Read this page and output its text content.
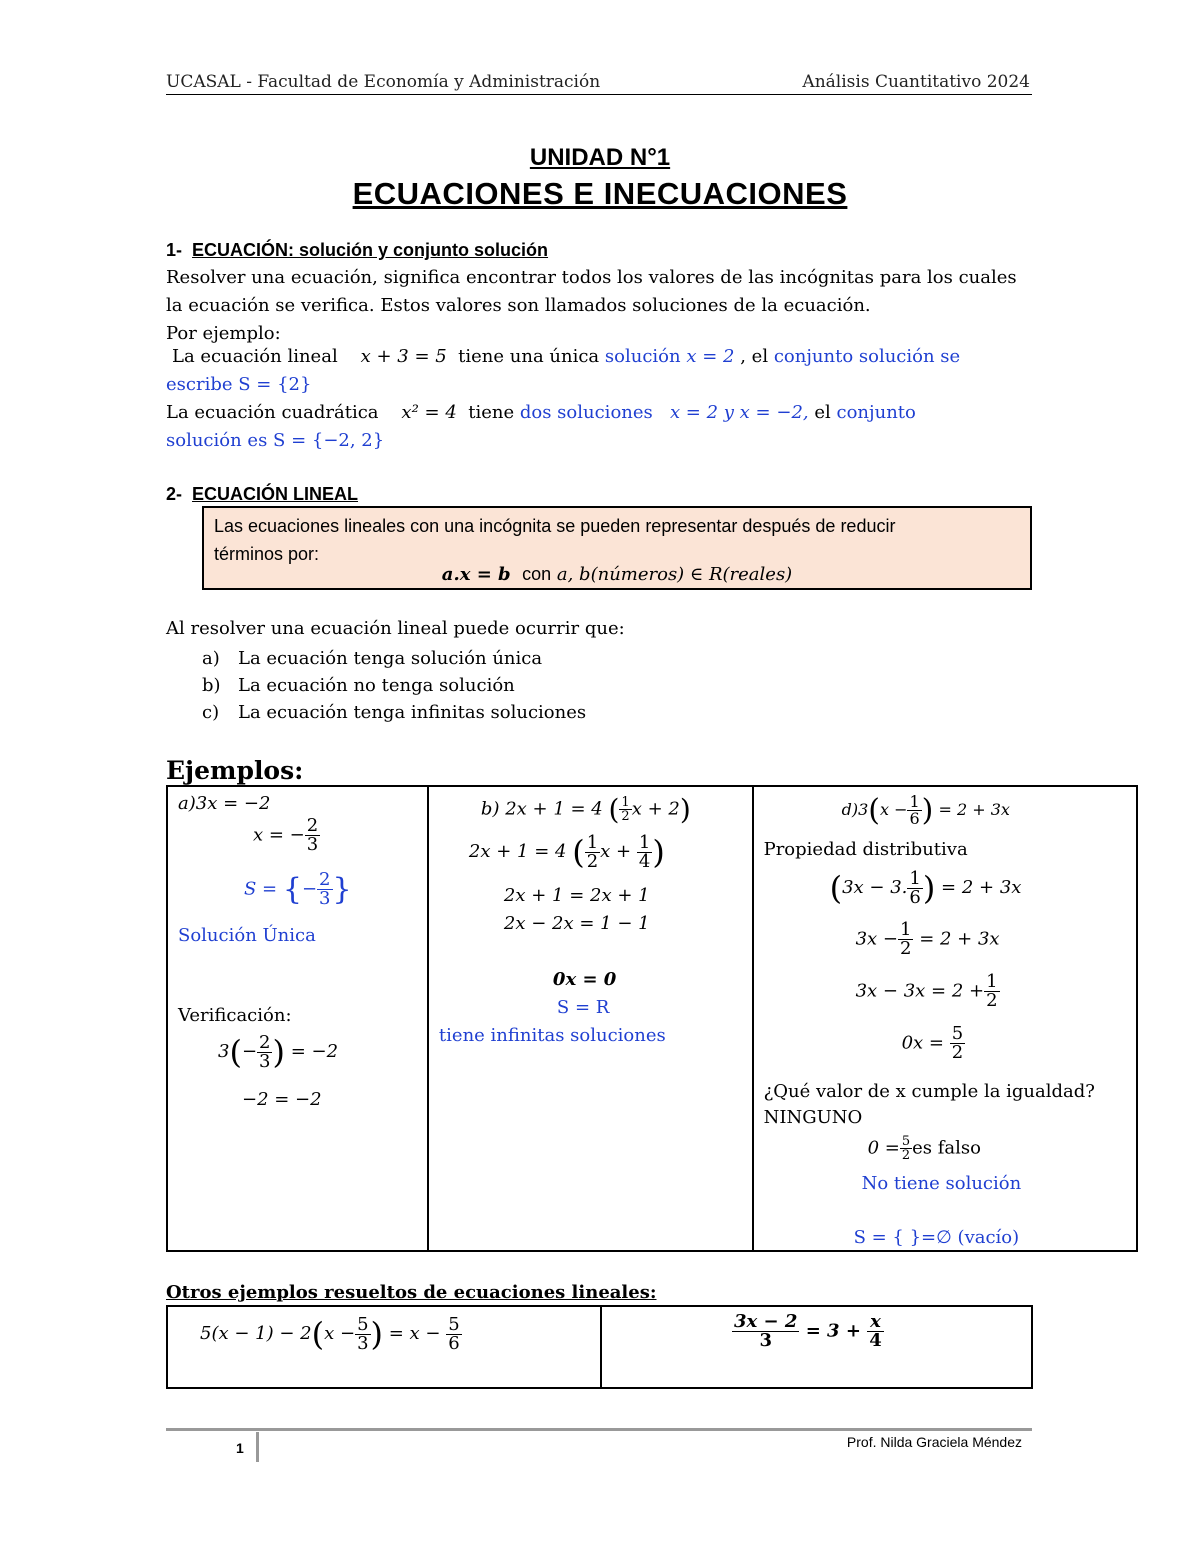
UCASAL - Facultad de Economía y Administración	Análisis Cuantitativo 2024
UNIDAD N°1
ECUACIONES E INECUACIONES
1- ECUACIÓN: solución y conjunto solución
Resolver una ecuación, significa encontrar todos los valores de las incógnitas para los cuales
la ecuación se verifica. Estos valores son llamados soluciones de la ecuación.
Por ejemplo:
La ecuación lineal x + 3 = 5 tiene una única solución x = 2 , el conjunto solución se
escribe S = {2}
La ecuación cuadrática x² = 4 tiene dos soluciones x = 2 y x = −2, el conjunto
solución es S = {−2, 2}
2- ECUACIÓN LINEAL
Las ecuaciones lineales con una incógnita se pueden representar después de reducir
términos por:
a.x = b con a, b(números) ∈ R(reales)
Al resolver una ecuación lineal puede ocurrir que:
a) La ecuación tenga solución única
b) La ecuación no tenga solución
c) La ecuación tenga infinitas soluciones
Ejemplos:
a)3x = −2
x = − $\frac{2}{3}$
S = {− $\frac{2}{3}$ }
Solución Única
Verificación:
$3(- \frac{2}{3}$ ) = −2
−2 = −2

b) 2x + 1 = 4 ( $\frac{1}{2}$ x + 2)
2x + 1 = 4 ( $\frac{1}{2}$ $x + \frac{1}{4}$ )
2x + 1 = 2x + 1
2x − 2x = 1 − 1
0x = 0
S = R
tiene infinitas soluciones

$d)3(x - \frac{1}{6}$ ) = 2 + 3x
Propiedad distributiva
(3x − 3. $\frac{1}{6}$ ) = 2 + 3x
$3x - \frac{1}{2} = 2 + 3x$
$3x - 3x = 2 + \frac{1}{2}$
$0x = \frac{5}{2}$
¿Qué valor de x cumple la igualdad?
NINGUNO
$0 = \frac{5}{2}$ es falso
No tiene solución
S = { }=∅ (vacío)
Otros ejemplos resueltos de ecuaciones lineales:
$5(x - 1) - 2(x - \frac{5}{3}$ ) = $x - \frac{5}{6}$	$\frac{3x - 2}{3} = 3 + \frac{x}{4}$
1	Prof. Nilda Graciela Méndez
